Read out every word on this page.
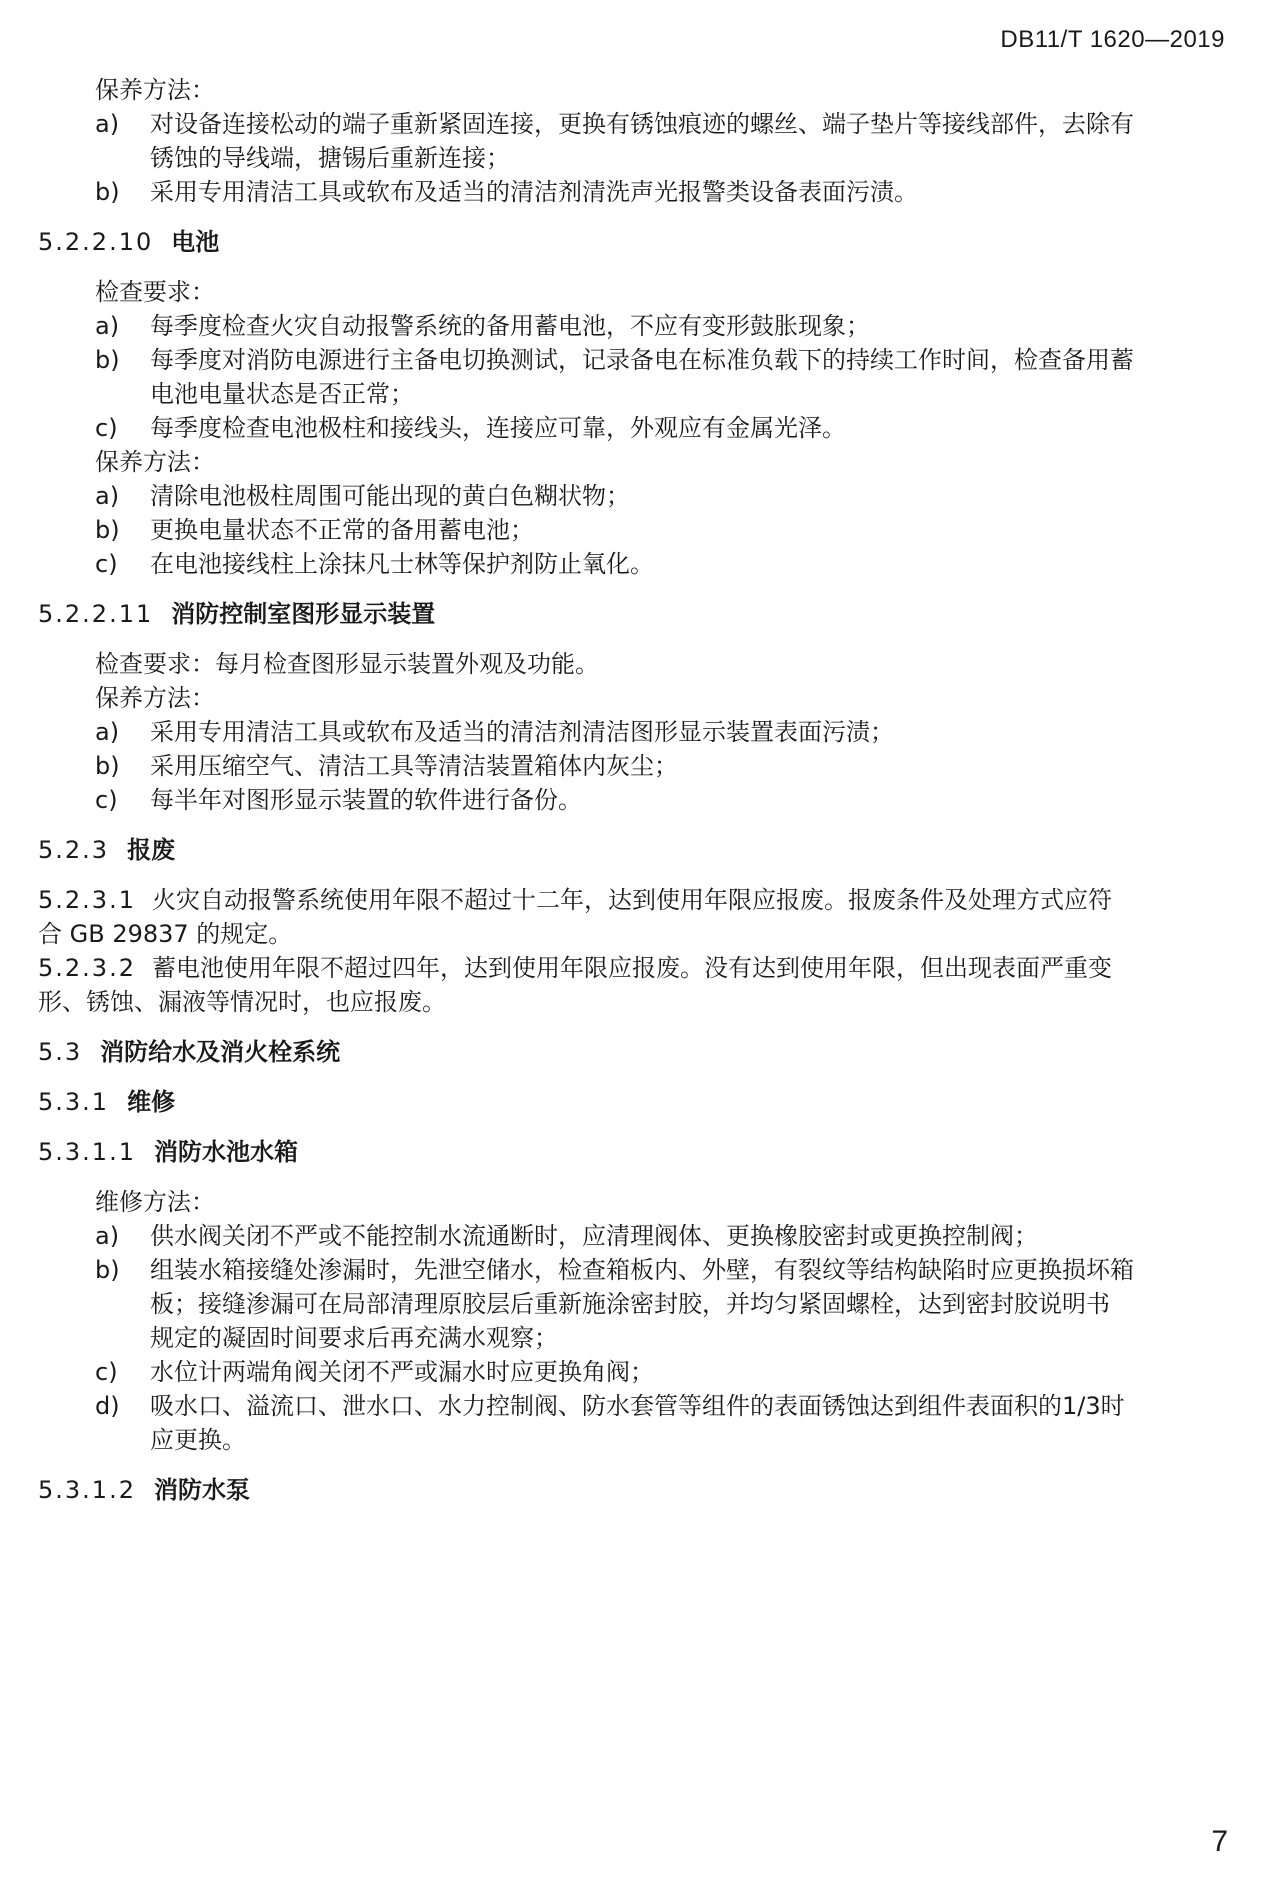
DB11/T 1620—2019
保养方法：
a)	对设备连接松动的端子重新紧固连接，更换有锈蚀痕迹的螺丝、端子垫片等接线部件，去除有
锈蚀的导线端，搪锡后重新连接；
b)	采用专用清洁工具或软布及适当的清洁剂清洗声光报警类设备表面污渍。
5.2.2.10 电池
检查要求：
a)	每季度检查火灾自动报警系统的备用蓄电池，不应有变形鼓胀现象；
b)	每季度对消防电源进行主备电切换测试，记录备电在标准负载下的持续工作时间，检查备用蓄
电池电量状态是否正常；
c)	每季度检查电池极柱和接线头，连接应可靠，外观应有金属光泽。
保养方法：
a)	清除电池极柱周围可能出现的黄白色糊状物；
b)	更换电量状态不正常的备用蓄电池；
c)	在电池接线柱上涂抹凡士林等保护剂防止氧化。
5.2.2.11 消防控制室图形显示装置
检查要求：每月检查图形显示装置外观及功能。
保养方法：
a)	采用专用清洁工具或软布及适当的清洁剂清洁图形显示装置表面污渍；
b)	采用压缩空气、清洁工具等清洁装置箱体内灰尘；
c)	每半年对图形显示装置的软件进行备份。
5.2.3 报废
5.2.3.1 火灾自动报警系统使用年限不超过十二年，达到使用年限应报废。报废条件及处理方式应符
合 GB 29837 的规定。
5.2.3.2 蓄电池使用年限不超过四年，达到使用年限应报废。没有达到使用年限，但出现表面严重变
形、锈蚀、漏液等情况时，也应报废。
5.3 消防给水及消火栓系统
5.3.1 维修
5.3.1.1 消防水池水箱
维修方法：
a)	供水阀关闭不严或不能控制水流通断时，应清理阀体、更换橡胶密封或更换控制阀；
b)	组装水箱接缝处渗漏时，先泄空储水，检查箱板内、外壁，有裂纹等结构缺陷时应更换损坏箱
板；接缝渗漏可在局部清理原胶层后重新施涂密封胶，并均匀紧固螺栓，达到密封胶说明书
规定的凝固时间要求后再充满水观察；
c)	水位计两端角阀关闭不严或漏水时应更换角阀；
d)	吸水口、溢流口、泄水口、水力控制阀、防水套管等组件的表面锈蚀达到组件表面积的1/3时
应更换。
5.3.1.2 消防水泵
7
